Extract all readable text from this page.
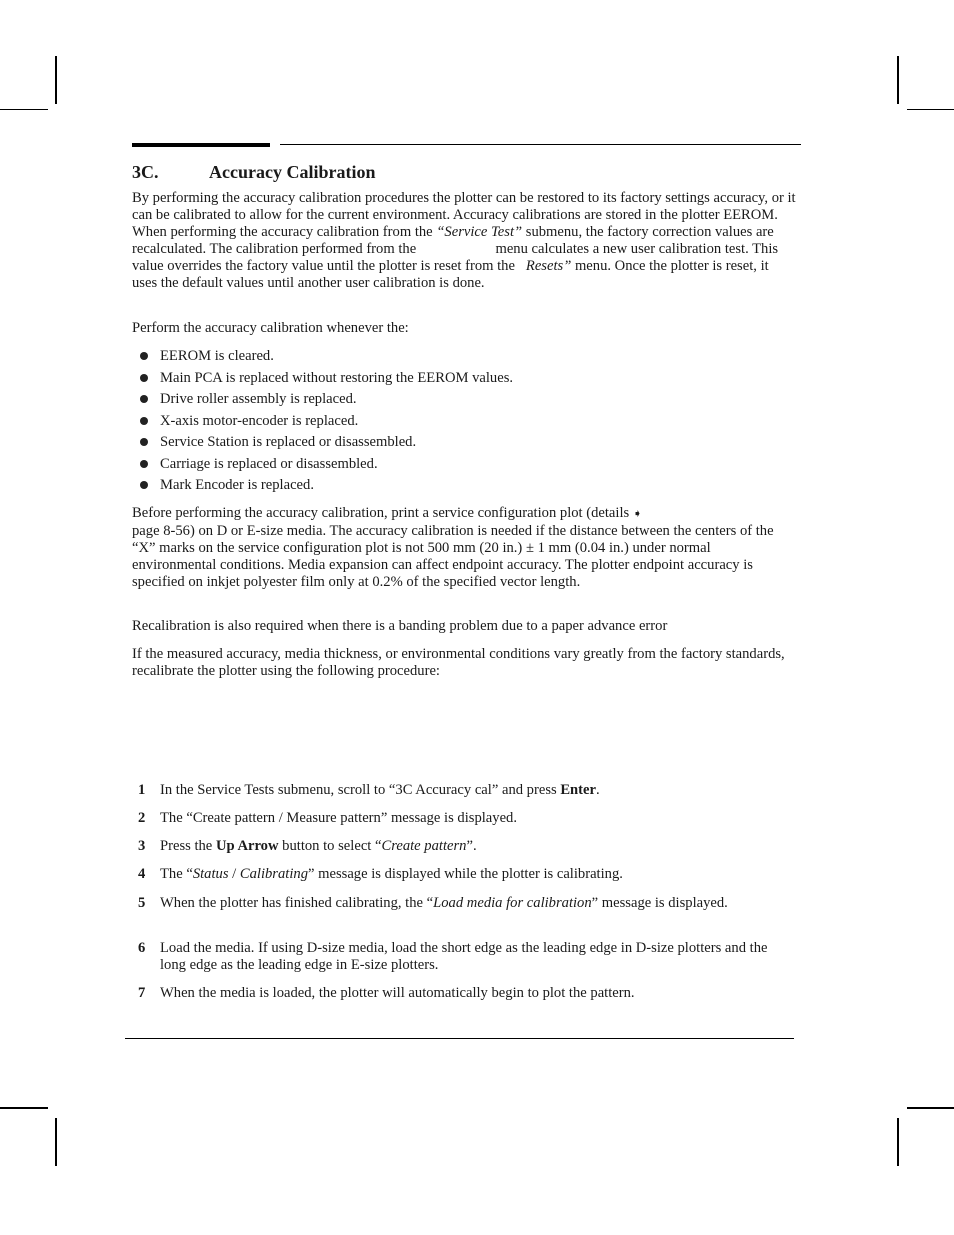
3C.	Accuracy Calibration

By performing the accuracy calibration procedures the plotter can be restored to its factory settings accuracy, or it can be calibrated to allow for the current environment. Accuracy calibrations are stored in the plotter EEROM. When performing the accuracy calibration from the “Service Test” submenu, the factory correction values are recalculated. The calibration performed from the	menu calculates a new user calibration test. This value overrides the factory value until the plotter is reset from the   Resets” menu. Once the plotter is reset, it uses the default values until another user calibration is done.

Perform the accuracy calibration whenever the:

EEROM is cleared.
Main PCA is replaced without restoring the EEROM values.
Drive roller assembly is replaced.
X-axis motor-encoder is replaced.
Service Station is replaced or disassembled.
Carriage is replaced or disassembled.
Mark Encoder is replaced.

Before performing the accuracy calibration, print a service configuration plot (details ➧
page 8-56) on D or E-size media. The accuracy calibration is needed if the distance between the centers of the “X” marks on the service configuration plot is not 500 mm (20 in.) ± 1 mm (0.04 in.) under normal environmental conditions. Media expansion can affect endpoint accuracy. The plotter endpoint accuracy is specified on inkjet polyester film only at 0.2% of the specified vector length.

Recalibration is also required when there is a banding problem due to a paper advance error

If the measured accuracy, media thickness, or environmental conditions vary greatly from the factory standards, recalibrate the plotter using the following procedure:

1 In the Service Tests submenu, scroll to “3C Accuracy cal” and press Enter.
2 The “Create pattern / Measure pattern” message is displayed.
3 Press the Up Arrow button to select “Create pattern”.
4 The “Status / Calibrating” message is displayed while the plotter is calibrating.
5 When the plotter has finished calibrating, the “Load media for calibration” message is displayed.
6 Load the media. If using D-size media, load the short edge as the leading edge in D-size plotters and the long edge as the leading edge in E-size plotters.
7 When the media is loaded, the plotter will automatically begin to plot the pattern.
